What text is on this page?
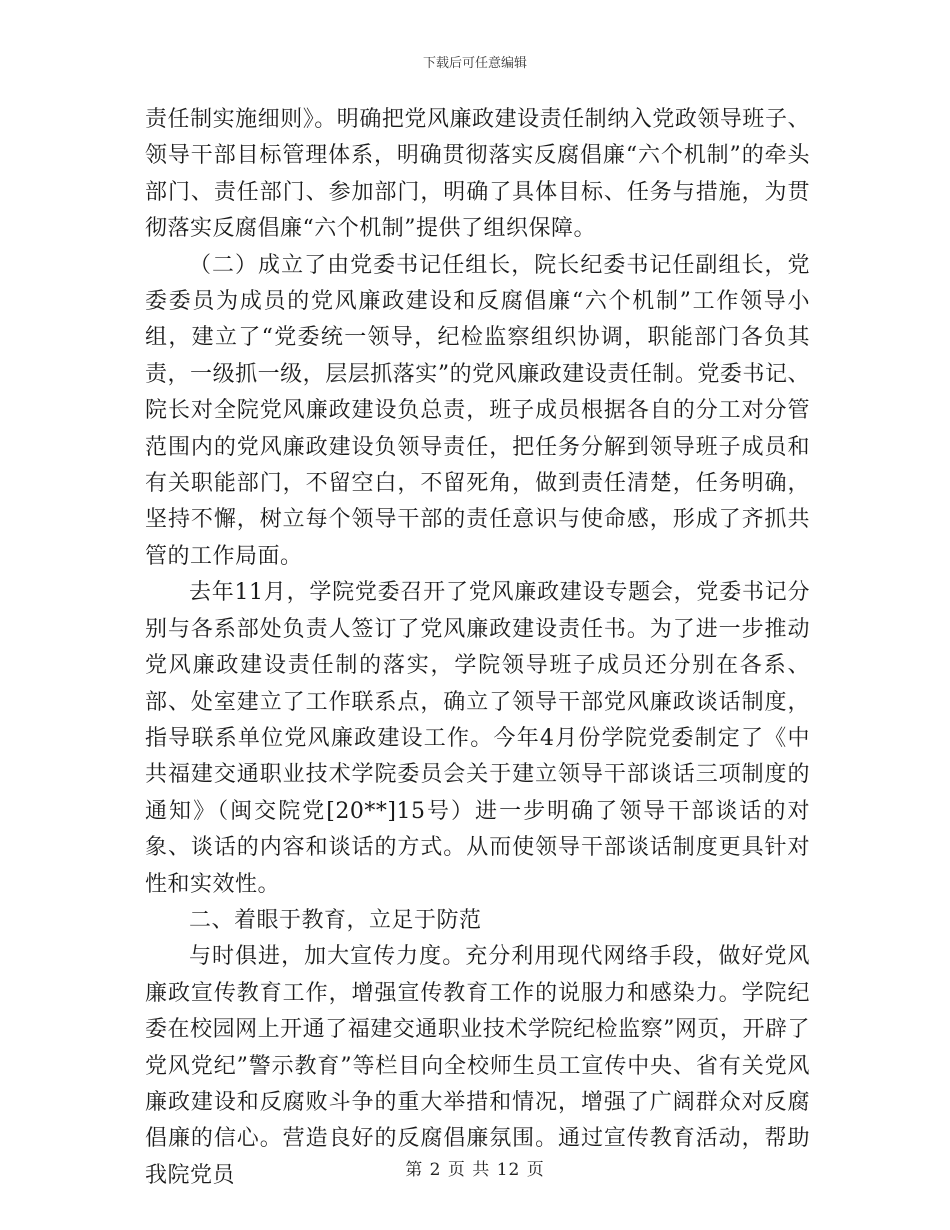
下载后可任意编辑

责任制实施细则》。明确把党风廉政建设责任制纳入党政领导班子、领导干部目标管理体系，明确贯彻落实反腐倡廉“六个机制”的牵头部门、责任部门、参加部门，明确了具体目标、任务与措施，为贯彻落实反腐倡廉“六个机制”提供了组织保障。

（二）成立了由党委书记任组长，院长纪委书记任副组长，党委委员为成员的党风廉政建设和反腐倡廉“六个机制”工作领导小组，建立了“党委统一领导，纪检监察组织协调，职能部门各负其责，一级抓一级，层层抓落实”的党风廉政建设责任制。党委书记、院长对全院党风廉政建设负总责，班子成员根据各自的分工对分管范围内的党风廉政建设负领导责任，把任务分解到领导班子成员和有关职能部门，不留空白，不留死角，做到责任清楚，任务明确，坚持不懈，树立每个领导干部的责任意识与使命感，形成了齐抓共管的工作局面。

去年11月，学院党委召开了党风廉政建设专题会，党委书记分别与各系部处负责人签订了党风廉政建设责任书。为了进一步推动党风廉政建设责任制的落实，学院领导班子成员还分别在各系、部、处室建立了工作联系点，确立了领导干部党风廉政谈话制度，指导联系单位党风廉政建设工作。今年4月份学院党委制定了《中共福建交通职业技术学院委员会关于建立领导干部谈话三项制度的通知》（闽交院党[20**]15号）进一步明确了领导干部谈话的对象、谈话的内容和谈话的方式。从而使领导干部谈话制度更具针对性和实效性。

二、着眼于教育，立足于防范

与时俱进，加大宣传力度。充分利用现代网络手段，做好党风廉政宣传教育工作，增强宣传教育工作的说服力和感染力。学院纪委在校园网上开通了福建交通职业技术学院纪检监察”网页，开辟了党风党纪”警示教育”等栏目向全校师生员工宣传中央、省有关党风廉政建设和反腐败斗争的重大举措和情况，增强了广阔群众对反腐倡廉的信心。营造良好的反腐倡廉氛围。通过宣传教育活动，帮助我院党员	第 2 页 共 12 页
